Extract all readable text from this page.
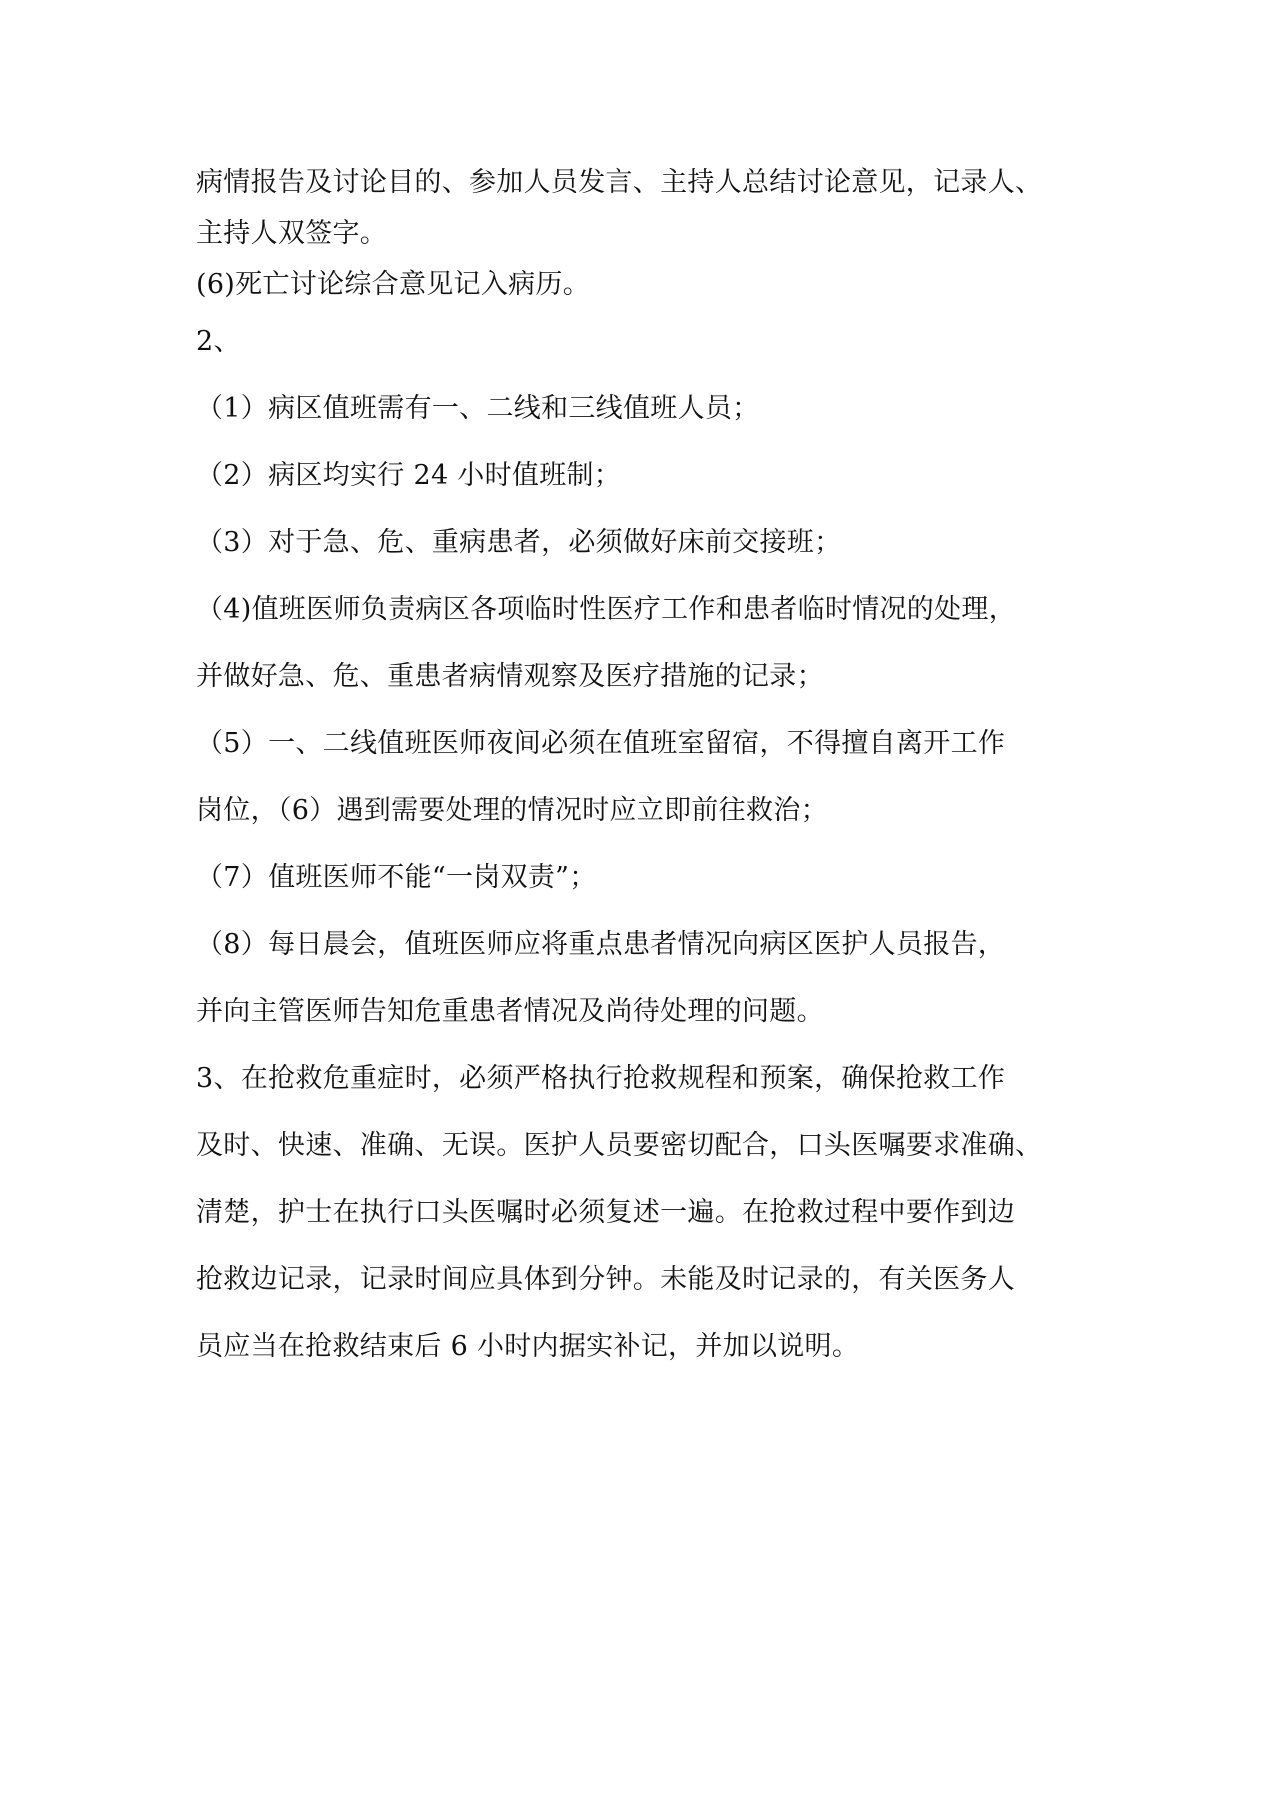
病情报告及讨论目的、参加人员发言、主持人总结讨论意见，记录人、
主持人双签字。
(6)死亡讨论综合意见记入病历。
2、
（1）病区值班需有一、二线和三线值班人员；
（2）病区均实行 24 小时值班制；
（3）对于急、危、重病患者，必须做好床前交接班；
（4)值班医师负责病区各项临时性医疗工作和患者临时情况的处理，
并做好急、危、重患者病情观察及医疗措施的记录；
（5）一、二线值班医师夜间必须在值班室留宿，不得擅自离开工作
岗位，（6）遇到需要处理的情况时应立即前往救治；
（7）值班医师不能“一岗双责”；
（8）每日晨会，值班医师应将重点患者情况向病区医护人员报告，
并向主管医师告知危重患者情况及尚待处理的问题。
3、在抢救危重症时，必须严格执行抢救规程和预案，确保抢救工作
及时、快速、准确、无误。医护人员要密切配合，口头医嘱要求准确、
清楚，护士在执行口头医嘱时必须复述一遍。在抢救过程中要作到边
抢救边记录，记录时间应具体到分钟。未能及时记录的，有关医务人
员应当在抢救结束后 6 小时内据实补记，并加以说明。
